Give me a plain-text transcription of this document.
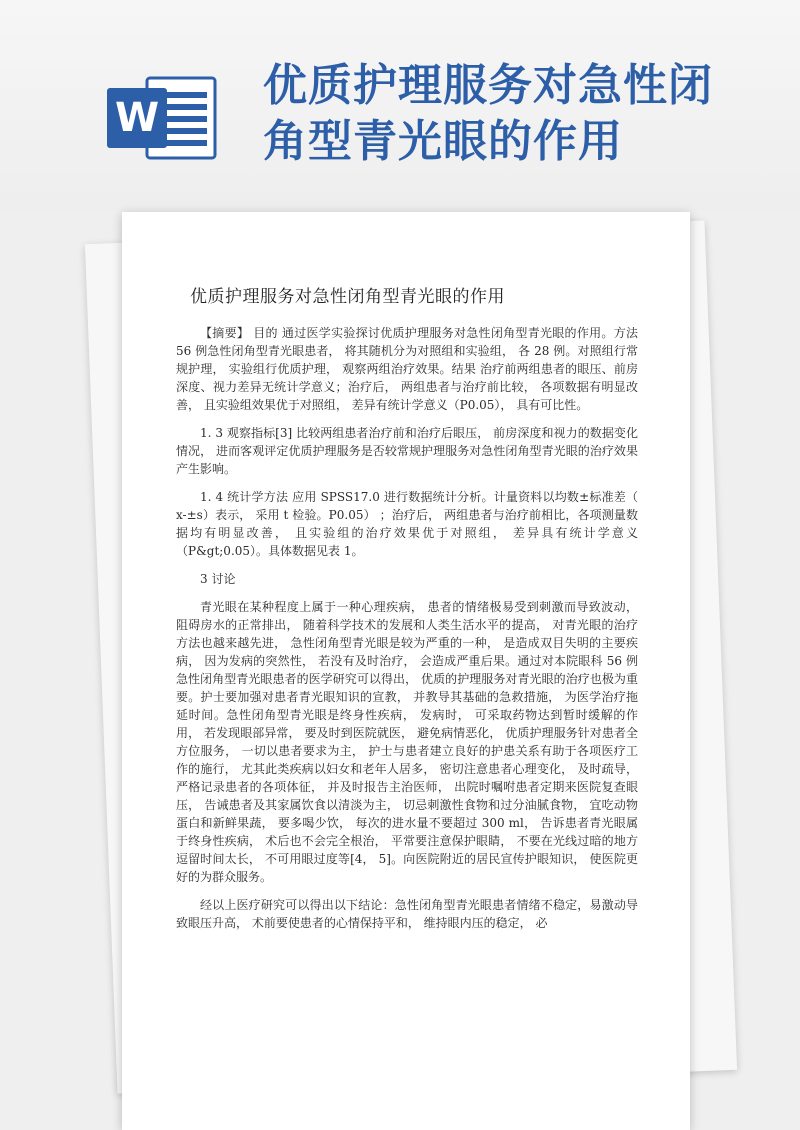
W
优质护理服务对急性闭角型青光眼的作用
优质护理服务对急性闭角型青光眼的作用

【摘要】 目的 通过医学实验探讨优质护理服务对急性闭角型青光眼的作用。方法 56 例急性闭角型青光眼患者， 将其随机分为对照组和实验组， 各 28 例。对照组行常规护理， 实验组行优质护理， 观察两组治疗效果。结果 治疗前两组患者的眼压、前房深度、视力差异无统计学意义；治疗后， 两组患者与治疗前比较， 各项数据有明显改善， 且实验组效果优于对照组， 差异有统计学意义（P0.05）， 具有可比性。

1. 3 观察指标[3] 比较两组患者治疗前和治疗后眼压， 前房深度和视力的数据变化情况， 进而客观评定优质护理服务是否较常规护理服务对急性闭角型青光眼的治疗效果产生影响。

1. 4 统计学方法 应用 SPSS17.0 进行数据统计分析。计量资料以均数±标准差（ x-±s）表示， 采用 t 检验。P0.05） ；治疗后， 两组患者与治疗前相比，各项测量数据均有明显改善， 且实验组的治疗效果优于对照组， 差异具有统计学意义（P&gt;0.05）。具体数据见表 1。

3 讨论

青光眼在某种程度上属于一种心理疾病， 患者的情绪极易受到刺激而导致波动， 阻碍房水的正常排出， 随着科学技术的发展和人类生活水平的提高， 对青光眼的治疗方法也越来越先进， 急性闭角型青光眼是较为严重的一种， 是造成双目失明的主要疾病， 因为发病的突然性， 若没有及时治疗， 会造成严重后果。通过对本院眼科 56 例急性闭角型青光眼患者的医学研究可以得出， 优质的护理服务对青光眼的治疗也极为重要。护士要加强对患者青光眼知识的宣教， 并教导其基础的急救措施， 为医学治疗拖延时间。急性闭角型青光眼是终身性疾病， 发病时， 可采取药物达到暂时缓解的作用， 若发现眼部异常， 要及时到医院就医， 避免病情恶化， 优质护理服务针对患者全方位服务， 一切以患者要求为主， 护士与患者建立良好的护患关系有助于各项医疗工作的施行， 尤其此类疾病以妇女和老年人居多， 密切注意患者心理变化， 及时疏导， 严格记录患者的各项体征， 并及时报告主治医师， 出院时嘱咐患者定期来医院复查眼压， 告诫患者及其家属饮食以清淡为主， 切忌刺激性食物和过分油腻食物， 宜吃动物蛋白和新鲜果蔬， 要多喝少饮， 每次的进水量不要超过 300 ml， 告诉患者青光眼属于终身性疾病， 术后也不会完全根治， 平常要注意保护眼睛， 不要在光线过暗的地方逗留时间太长， 不可用眼过度等[4， 5]。向医院附近的居民宣传护眼知识， 使医院更好的为群众服务。

经以上医疗研究可以得出以下结论：急性闭角型青光眼患者情绪不稳定，易激动导致眼压升高， 术前要使患者的心情保持平和， 维持眼内压的稳定， 必
